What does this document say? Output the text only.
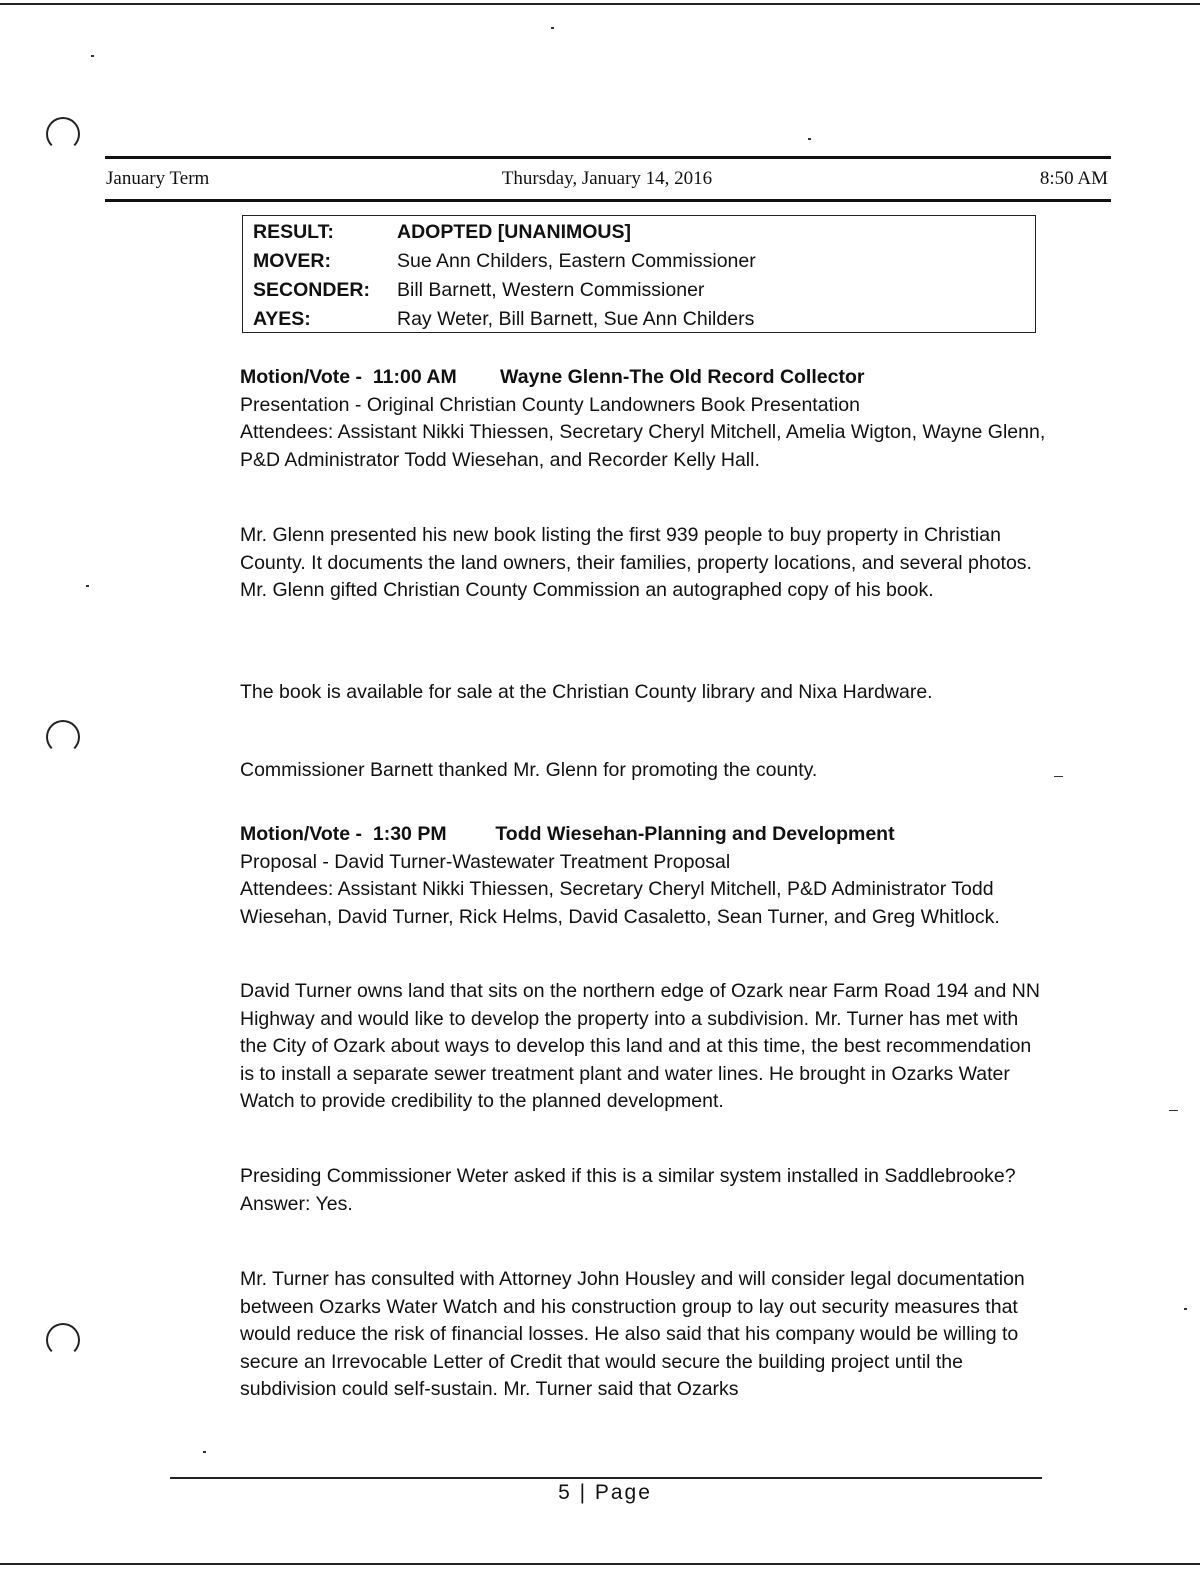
January Term	Thursday, January 14, 2016	8:50 AM
RESULT:	ADOPTED [UNANIMOUS]
MOVER:	Sue Ann Childers, Eastern Commissioner
SECONDER:	Bill Barnett, Western Commissioner
AYES:	Ray Weter, Bill Barnett, Sue Ann Childers
Motion/Vote - 11:00 AM Wayne Glenn-The Old Record Collector
Presentation - Original Christian County Landowners Book Presentation
Attendees: Assistant Nikki Thiessen, Secretary Cheryl Mitchell, Amelia Wigton, Wayne Glenn, P&D Administrator Todd Wiesehan, and Recorder Kelly Hall.

Mr. Glenn presented his new book listing the first 939 people to buy property in Christian County. It documents the land owners, their families, property locations, and several photos. Mr. Glenn gifted Christian County Commission an autographed copy of his book.

The book is available for sale at the Christian County library and Nixa Hardware.

Commissioner Barnett thanked Mr. Glenn for promoting the county.

Motion/Vote - 1:30 PM	Todd Wiesehan-Planning and Development
Proposal - David Turner-Wastewater Treatment Proposal
Attendees: Assistant Nikki Thiessen, Secretary Cheryl Mitchell, P&D Administrator Todd Wiesehan, David Turner, Rick Helms, David Casaletto, Sean Turner, and Greg Whitlock.

David Turner owns land that sits on the northern edge of Ozark near Farm Road 194 and NN Highway and would like to develop the property into a subdivision. Mr. Turner has met with the City of Ozark about ways to develop this land and at this time, the best recommendation is to install a separate sewer treatment plant and water lines. He brought in Ozarks Water Watch to provide credibility to the planned development.

Presiding Commissioner Weter asked if this is a similar system installed in Saddlebrooke? Answer: Yes.

Mr. Turner has consulted with Attorney John Housley and will consider legal documentation between Ozarks Water Watch and his construction group to lay out security measures that would reduce the risk of financial losses. He also said that his company would be willing to secure an Irrevocable Letter of Credit that would secure the building project until the subdivision could self-sustain. Mr. Turner said that Ozarks

5 | Page
